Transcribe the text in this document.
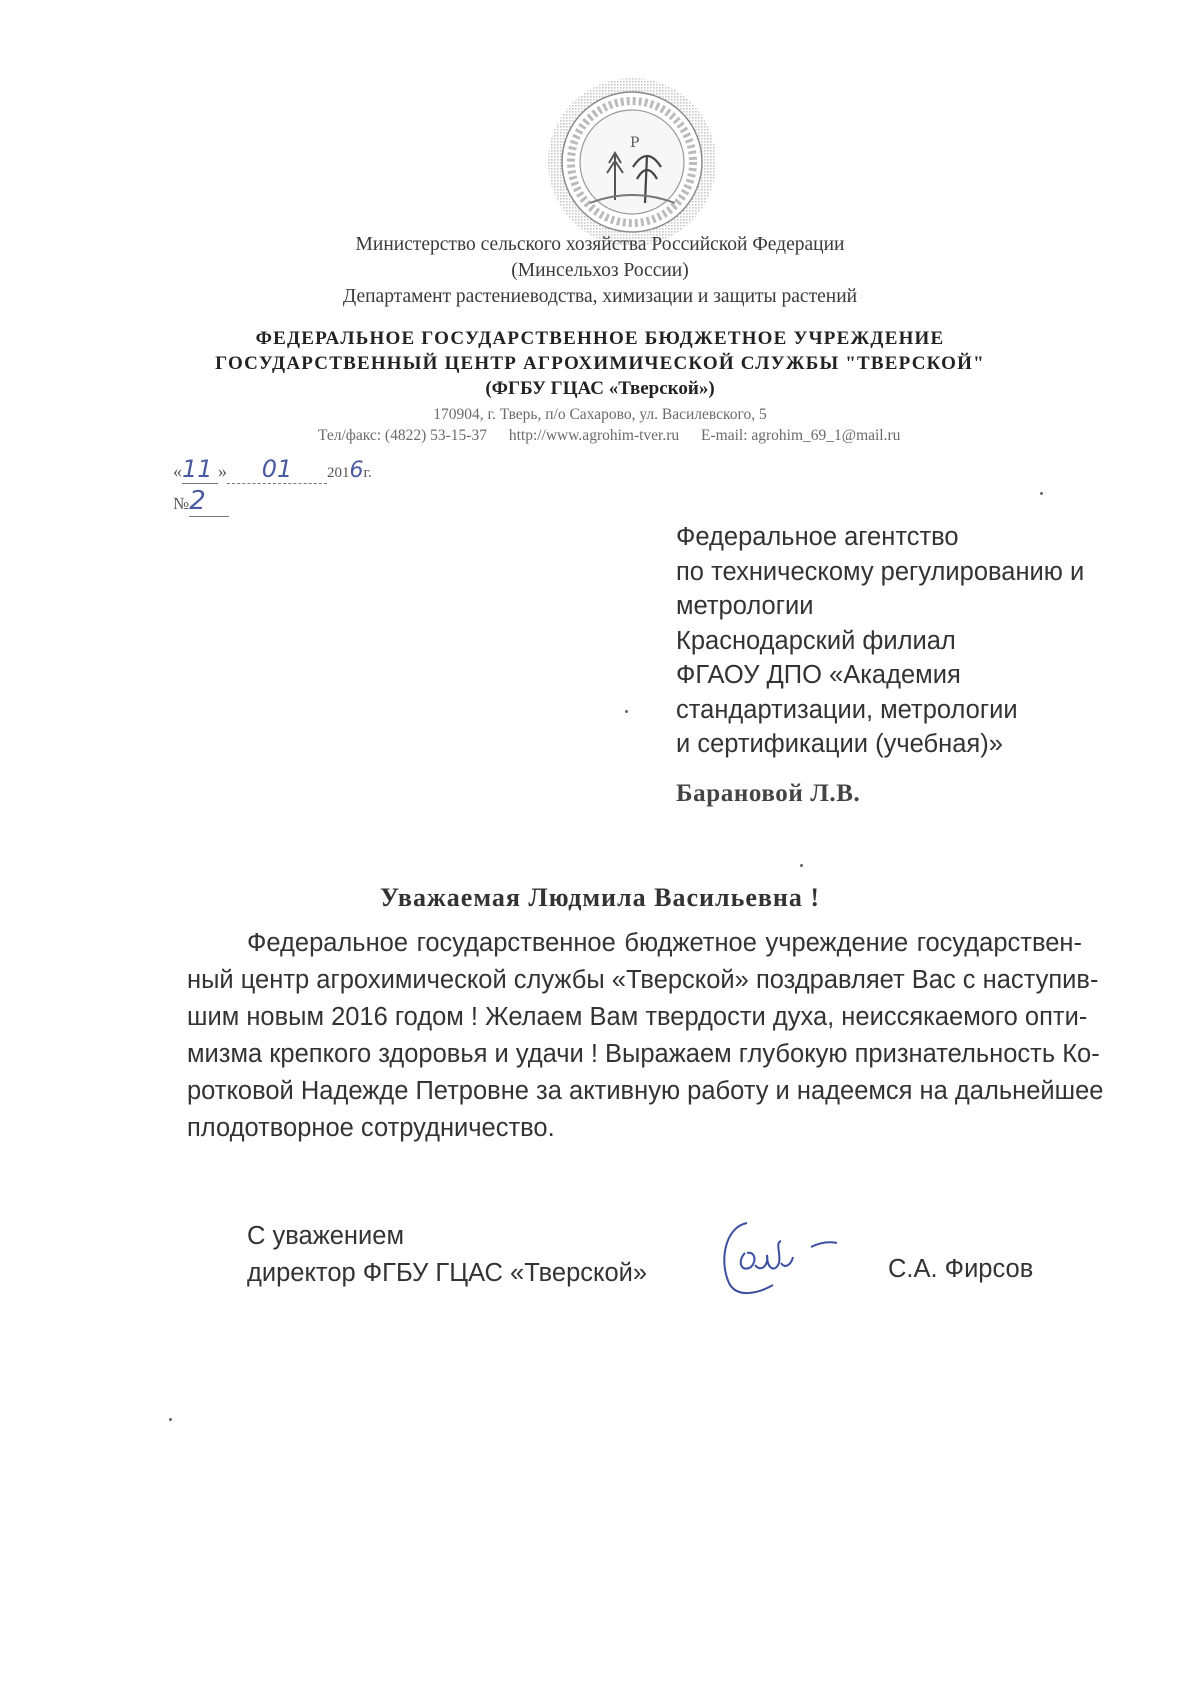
Р
Министерство сельского хозяйства Российской Федерации
(Минсельхоз России)
Департамент растениеводства, химизации и защиты растений
ФЕДЕРАЛЬНОЕ ГОСУДАРСТВЕННОЕ БЮДЖЕТНОЕ УЧРЕЖДЕНИЕ
ГОСУДАРСТВЕННЫЙ ЦЕНТР АГРОХИМИЧЕСКОЙ СЛУЖБЫ "ТВЕРСКОЙ"
(ФГБУ ГЦАС «Тверской»)
170904, г. Тверь, п/о Сахарово, ул. Василевского, 5
Тел/факс: (4822) 53-15-37 http://www.agrohim-tver.ru E-mail: agrohim_69_1@mail.ru
«11 » 01 2016г.
№2
Федеральное агентство
по техническому регулированию и
метрологии
Краснодарский филиал
ФГАОУ ДПО «Академия
стандартизации, метрологии
и сертификации (учебная)»
Барановой Л.В.
Уважаемая Людмила Васильевна !
Федеральное государственное бюджетное учреждение государствен-
ный центр агрохимической службы «Тверской» поздравляет Вас с наступив-
шим новым 2016 годом ! Желаем Вам твердости духа, неиссякаемого опти-
мизма крепкого здоровья и удачи ! Выражаем глубокую признательность Ко-
ротковой Надежде Петровне за активную работу и надеемся на дальнейшее
плодотворное сотрудничество.
С уважением
директор ФГБУ ГЦАС «Тверской»	С.А. Фирсов
